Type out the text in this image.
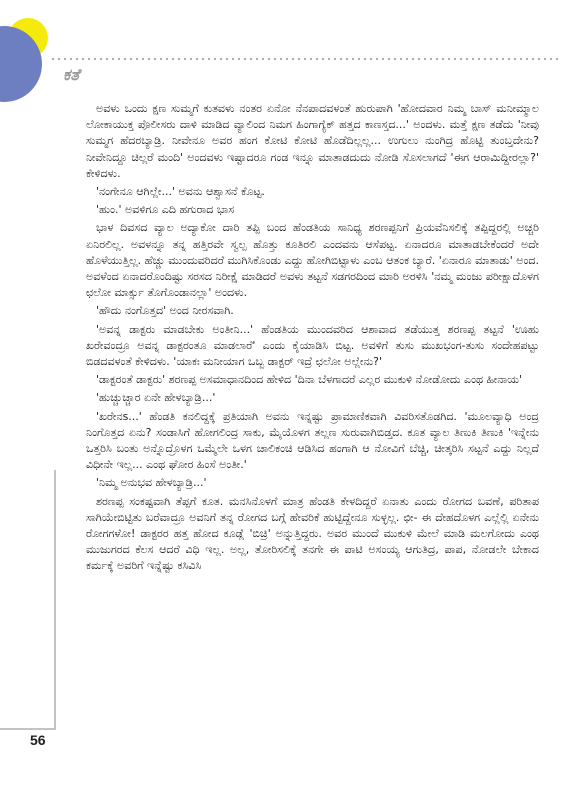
ಕತೆ

ಅವಳು ಒಂದು ಕ್ಷಣ ಸುಮ್ಮಗೆ ಕುತವಳು ನಂತರ ಏನೋ ನೆನಪಾದವಳಂತೆ ಹುರುಪಾಗಿ 'ಹೋದವಾರ ನಿಮ್ಮ ಬಾಸ್ ಮನೀಮ್ಮಾಲ ಲೋಕಾಯುಕ್ತ ಪೊಲೀಸರು ದಾಳಿ ಮಾಡಿದ ವ್ಯಾಲಿಂದ ನಿಮಗ ಹಿಂಗಾಗ್ಯೆಕ್ ಹತ್ತದ ಕಾಣಸ್ತದ...' ಅಂದಳು. ಮತ್ತೆ ಕ್ಷಣ ತಡೆದು 'ನೀವು ಸುಮ್ಮಗ ಹೆದರಬ್ಯಾಡ್ರಿ. ನೀವೇನೂ ಅವರ ಹಂಗ ಕೋಟಿ ಕೋಟಿ ಹೊಡೆದಿಲ್ಲಲ್ಲ... ಉಗುಲು ನುಂಗಿದ್ರ ಹೊಟ್ಟಿ ತುಂಬ್ತದೇನು? ನೀವೇನಿದ್ದೂ ಚಿಲ್ಲರೆ ಮಂದಿ' ಅಂದವಳು ಇಷ್ಟಾದರೂ ಗಂಡ ಇನ್ನೂ ಮಾತಾಡದುದು ನೋಡಿ ಸೊಸಲಾಗದೆ 'ಈಗ ಆರಾಮಿದ್ದೀರಲ್ಲಾ?' ಕೇಳಿದಳು.

'ನಂಗೇನೂ ಆಗಿಲ್ಲೇ...' ಅವನು ಆಶ್ವಾಸನೆ ಕೊಟ್ಟ.

'ಹುಂ.' ಅವಳಿಗೂ ಎದಿ ಹಗುರಾದ ಭಾಸ

ಭಾಳ ದಿವಸದ ವ್ಯಾಲ ಅದ್ಯಾಕೋ ದಾರಿ ತಪ್ಪಿ ಬಂದ ಹೆಂಡತಿಯ ಸಾನಿಧ್ಯ ಶರಣಪ್ಪನಿಗೆ ಪ್ರಿಯವೆನಿಸಲಿಕ್ಕೆ ತಪ್ಪಿದ್ದರಲ್ಲಿ ಅಚ್ಚರಿ ಏನಿರಲಿಲ್ಲ. ಅವಳನ್ನೂ ತನ್ನ ಹತ್ತಿರವೇ ಸ್ವಲ್ಪ ಹೊತ್ತು ಕೂತಿರಲಿ ಎಂದವನು ಆಸೆಪಟ್ಟ. ಏನಾದರೂ ಮಾತಾಡಬೇಕೆಂದರೆ ಅದೇ ಹೊಳೆಯುತ್ತಿಲ್ಲ. ಹೆಚ್ಚು ಮುಂದುವರಿದರೆ ಮುಗಿಸಿಕೊಂಡು ಎದ್ದು ಹೋಗಿಬಿಟ್ಟಾಳು ಎಂಬ ಆತಂಕ ಬ್ಯಾರೆ. 'ಏನಾರೂ ಮಾತಾಡು' ಅಂದ. ಅವಳೆಂದ ಏನಾದರೊಂದಿಷ್ಟು ಸರಸದ ನಿರೀಕ್ಷೆ ಮಾಡಿದರೆ ಅವಳು ತಟ್ಟನೆ ಸಡಗರದಿಂದ ಮಾರಿ ಅರಳಿಸಿ 'ನಮ್ಮ ಮಂಜು ಪರೀಕ್ಷಾದೊಳಗ ಛಲೋ ಮಾರ್ಕ್ಸು ತೊಗೊಂಡಾನಲ್ಲಾ' ಅಂದಳು.

'ಹೌದು ನಂಗೊತ್ತದ' ಅಂದ ನೀರಸವಾಗಿ.

'ಅವನ್ನ ಡಾಕ್ಟರು ಮಾಡಬೇಕು ಅಂತೀನಿ...' ಹೆಂಡತಿಯ ಮುಂದವರಿದ ಆಶಾವಾದ ತಡೆಯುತ್ತ ಶರಣಪ್ಪ ತಟ್ಟನೆ 'ಊಹು ಖರೇವಂದ್ರೂ ಅವನ್ನ ಡಾಕ್ಟರಂತೂ ಮಾಡಲಾರೆ' ಎಂದು ಕೈಯಾಡಿಸಿ ಬಿಟ್ಟ. ಅವಳಿಗೆ ತುಸು ಮುಖಭಂಗ-ತುಸು ಸಂದೇಹಪಟ್ಟು ಬಿಡದವಳಂತೆ ಕೇಳಿದಳು. 'ಯಾಕಃ ಮನೀಯಾಗ ಒಬ್ಬ ಡಾಕ್ಟರ್ ಇದ್ರೆ ಛಲೋ ಅಲ್ಲೇನು?'

'ಡಾಕ್ಟರಂತೆ ಡಾಕ್ಟರು' ಶರಣಪ್ಪ ಅಸಮಾಧಾನದಿಂದ ಹೇಳಿದ 'ದಿನಾ ಬೆಳಗಾದರೆ ಎಲ್ಲರ ಮುಕುಳಿ ನೋಡೋದು ಎಂಥ ಹೀನಾಯ'

'ಹುಚ್ಚುಚ್ಚಾರ ಏನೇ ಹೇಳಬ್ಯಾಡ್ರಿ...'

'ಖರೇನs...' ಹೆಂಡತಿ ಕನಲಿದ್ದಕ್ಕೆ ಪ್ರತಿಯಾಗಿ ಅವನು ಇನ್ನಷ್ಟು ಪ್ರಾಮಾಣಿಕವಾಗಿ ವಿವರಿಸತೊಡಗಿದ. 'ಮೂಲವ್ಯಾಧಿ ಅಂದ್ರ ನಿಂಗೊತ್ತದ ಏನು? ಸಂಡಾಸಿಗೆ ಹೋಗಲಿಂದ್ರ ಸಾಕು, ಮೈಯೊಳಗ ತಲ್ಲಣ ಸುರುವಾಗಿಬಿಡ್ತದ. ಕೂತ ವ್ಯಾಲ ತಿಣುಕಿ ತಿಣುಕಿ 'ಇನ್ನೇನು ಒತ್ತರಿಸಿ ಬಂತು ಅನ್ನೊದ್ರೊಳಗ ಒಮ್ಮೆಲೇ ಒಳಗ ಚಾಲಿಕಂಚಿ ಆಡಿಸಿದ ಹಂಗಾಗಿ ಆ ನೋವಿಗೆ ಬೆಚ್ಚಿ, ಚೀತ್ಕರಿಸಿ ಸಟ್ಟನೆ ಎದ್ದು ನಿಲ್ಲದೆ ವಿಧೀನೇ ಇಲ್ಲ... ಎಂಥ ಘೋರ ಹಿಂಸೆ ಅಂತೀ.'

'ನಿಮ್ಮ ಅನುಭವ ಹೇಳಬ್ಯಾಡ್ರಿ...'

ಶರಣಪ್ಪ ಸಂಕಷ್ಟವಾಗಿ ತೆಪ್ಪಗೆ ಕೂತ. ಮನಸಿನೊಳಗೆ ಮಾತ್ರ ಹೆಂಡತಿ ಕೇಳದಿದ್ದರೆ ಏನಾತು ಎಂದು ರೋಗದ ಬವಣೆ, ಪರಿತಾಪ ಸಾಗಿಯೇಬಿಟ್ಟಿತು ಬರೆವಾದ್ರೂ ಅವನಿಗೆ ತನ್ನ ರೋಗದ ಬಗ್ಗೆ ಹೇವರಿಕೆ ಹುಟ್ಟಿದ್ದೇನೂ ಸುಳ್ಳಲ್ಲ. ಛೀ- ಈ ದೇಹದೊಳಗ ಎಲ್ಲೆಲ್ಲಿ ಏನೇನು ರೋಗಗಳೋ! ಡಾಕ್ಟರರ ಹತ್ತ ಹೋದ ಕೂಡ್ಲೆ 'ಬಿಚ್ರಿ' ಅನ್ನುತ್ತಿದ್ದರು. ಅವರ ಮುಂದೆ ಮುಕುಳಿ ಮೇಲೆ ಮಾಡಿ ಮಲಗೋದು ಎಂಥ ಮುಜುಗರದ ಕೆಲಸ ಆದರೆ ವಿಧಿ ಇಲ್ಲ. ಅಲ್ಲ, ತೋರಿಸಲಿಕ್ಕೆ ತನಗೇ ಈ ಪಾಟಿ ಅಸಂಯ್ಯ ಆಗುತಿದ್ರ, ಪಾಪ, ನೋಡಲೇ ಬೇಕಾದ ಕರ್ಮಕ್ಕೆ ಅವರಿಗೆ ಇನ್ನೆಷ್ಟು ಕಸಿವಿಸಿ

56
